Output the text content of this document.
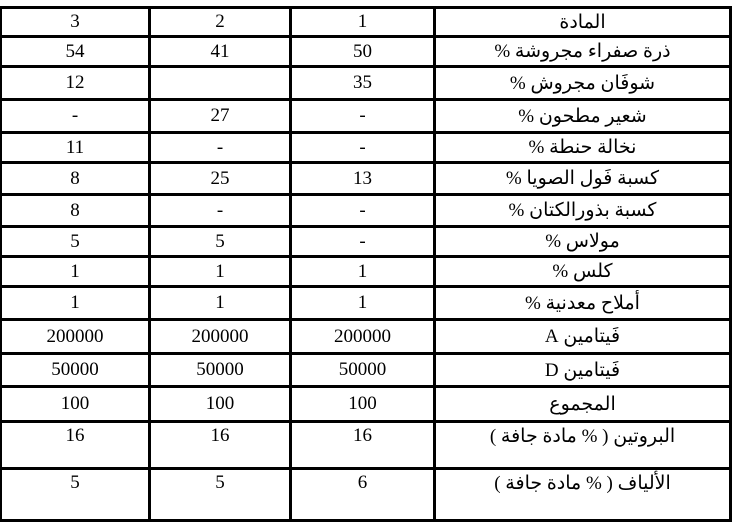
المادة	1	2	3
ذرة صفراء مجروشة %	50	41	54
شوفَان مجروش %	35		12
شعير مطحون %	-	27	-
نخالة حنطة %	-	-	11
كسبة فَول الصويا %	13	25	8
كسبة بذورالكتان %	-	-	8
مولاس %	-	5	5
كلس %	1	1	1
أملاح معدنية %	1	1	1
فَيتامين A	200000	200000	200000
فَيتامين D	50000	50000	50000
المجموع	100	100	100
البروتين ( % مادة جافة )	16	16	16
الألياف ( % مادة جافة )	6	5	5
